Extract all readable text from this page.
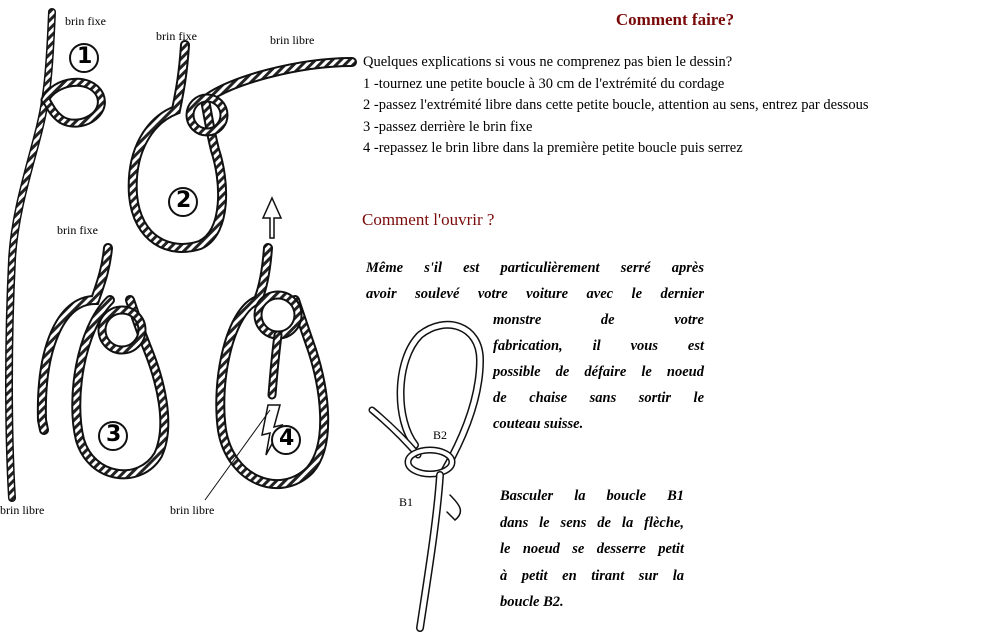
1
2
3	4
brin fixe
brin fixe	brin libre
brin fixe
brin libre	brin libre
B2
B1
Comment faire?
Quelques explications si vous ne comprenez pas bien le dessin?
1 -tournez une petite boucle à 30 cm de l'extrémité du cordage
2 -passez l'extrémité libre dans cette petite boucle, attention au sens, entrez par dessous
3 -passez derrière le brin fixe
4 -repassez le brin libre dans la première petite boucle puis serrez
Comment l'ouvrir ?
Même s'il est particulièrement serré après
avoir soulevé votre voiture avec le dernier
monstre de votre
fabrication, il vous est
possible de défaire le noeud
de chaise sans sortir le
couteau suisse.
Basculer la boucle B1
dans le sens de la flèche,
le noeud se desserre petit
à petit en tirant sur la
boucle B2.
